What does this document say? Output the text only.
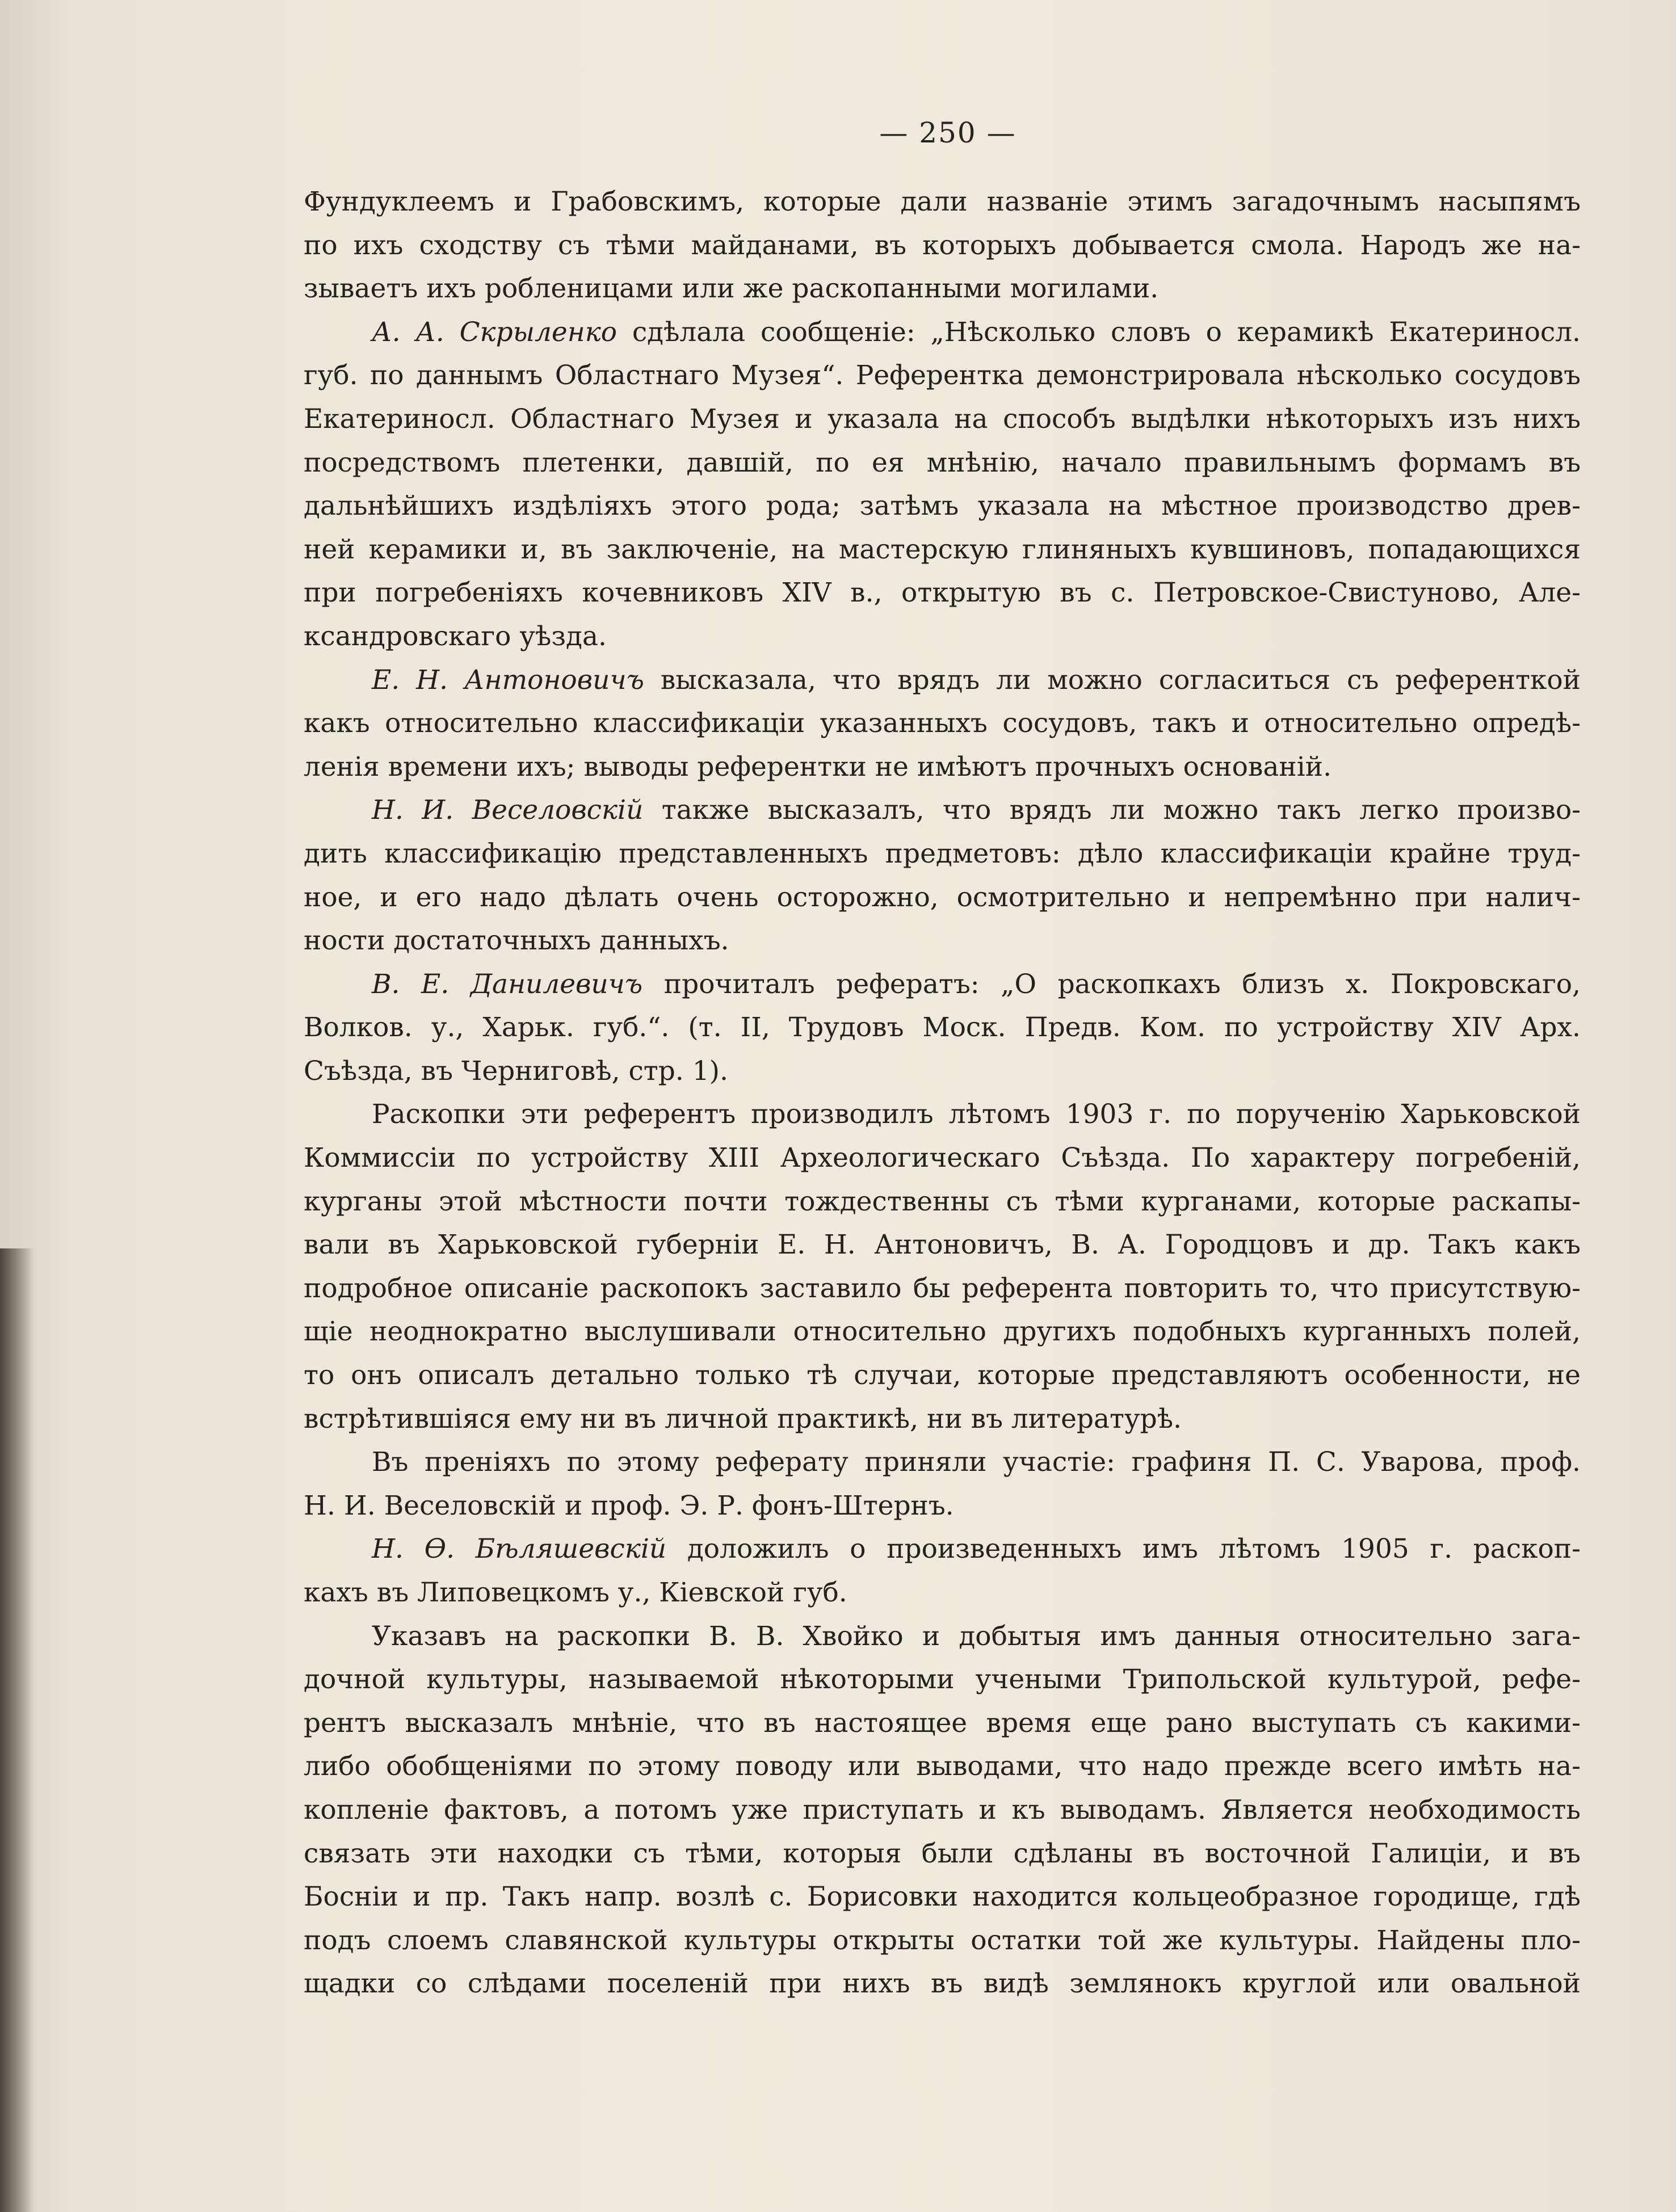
— 250 —
Фундуклеемъ и Грабовскимъ, которые дали названіе этимъ загадочнымъ насыпямъ
по ихъ сходству съ тѣми майданами, въ которыхъ добывается смола. Народъ же на-
зываетъ ихъ робленицами или же раскопанными могилами.
А. А. Скрыленко сдѣлала сообщеніе: „Нѣсколько словъ о керамикѣ Екатериносл.
губ. по даннымъ Областнаго Музея“. Референтка демонстрировала нѣсколько сосудовъ
Екатериносл. Областнаго Музея и указала на способъ выдѣлки нѣкоторыхъ изъ нихъ
посредствомъ плетенки, давшій, по ея мнѣнію, начало правильнымъ формамъ въ
дальнѣйшихъ издѣліяхъ этого рода; затѣмъ указала на мѣстное производство древ-
ней керамики и, въ заключеніе, на мастерскую глиняныхъ кувшиновъ, попадающихся
при погребеніяхъ кочевниковъ XIV в., открытую въ с. Петровское-Свистуново, Але-
ксандровскаго уѣзда.
Е. Н. Антоновичъ высказала, что врядъ ли можно согласиться съ референткой
какъ относительно классификаціи указанныхъ сосудовъ, такъ и относительно опредѣ-
ленія времени ихъ; выводы референтки не имѣютъ прочныхъ основаній.
Н. И. Веселовскій также высказалъ, что врядъ ли можно такъ легко произво-
дить классификацію представленныхъ предметовъ: дѣло классификаціи крайне труд-
ное, и его надо дѣлать очень осторожно, осмотрительно и непремѣнно при налич-
ности достаточныхъ данныхъ.
В. Е. Данилевичъ прочиталъ рефератъ: „О раскопкахъ близъ х. Покровскаго,
Волков. у., Харьк. губ.“. (т. II, Трудовъ Моск. Предв. Ком. по устройству XIV Арх.
Съѣзда, въ Черниговѣ, стр. 1).
Раскопки эти референтъ производилъ лѣтомъ 1903 г. по порученію Харьковской
Коммиссіи по устройству XIII Археологическаго Съѣзда. По характеру погребеній,
курганы этой мѣстности почти тождественны съ тѣми курганами, которые раскапы-
вали въ Харьковской губерніи Е. Н. Антоновичъ, В. А. Городцовъ и др. Такъ какъ
подробное описаніе раскопокъ заставило бы референта повторить то, что присутствую-
щіе неоднократно выслушивали относительно другихъ подобныхъ курганныхъ полей,
то онъ описалъ детально только тѣ случаи, которые представляютъ особенности, не
встрѣтившіяся ему ни въ личной практикѣ, ни въ литературѣ.
Въ преніяхъ по этому реферату приняли участіе: графиня П. С. Уварова, проф.
Н. И. Веселовскій и проф. Э. Р. фонъ-Штернъ.
Н. Ѳ. Бѣляшевскій доложилъ о произведенныхъ имъ лѣтомъ 1905 г. раскоп-
кахъ въ Липовецкомъ у., Кіевской губ.
Указавъ на раскопки В. В. Хвойко и добытыя имъ данныя относительно зага-
дочной культуры, называемой нѣкоторыми учеными Трипольской культурой, рефе-
рентъ высказалъ мнѣніе, что въ настоящее время еще рано выступать съ какими-
либо обобщеніями по этому поводу или выводами, что надо прежде всего имѣть на-
копленіе фактовъ, а потомъ уже приступать и къ выводамъ. Является необходимость
связать эти находки съ тѣми, которыя были сдѣланы въ восточной Галиціи, и въ
Босніи и пр. Такъ напр. возлѣ с. Борисовки находится кольцеобразное городище, гдѣ
подъ слоемъ славянской культуры открыты остатки той же культуры. Найдены пло-
щадки со слѣдами поселеній при нихъ въ видѣ землянокъ круглой или овальной
